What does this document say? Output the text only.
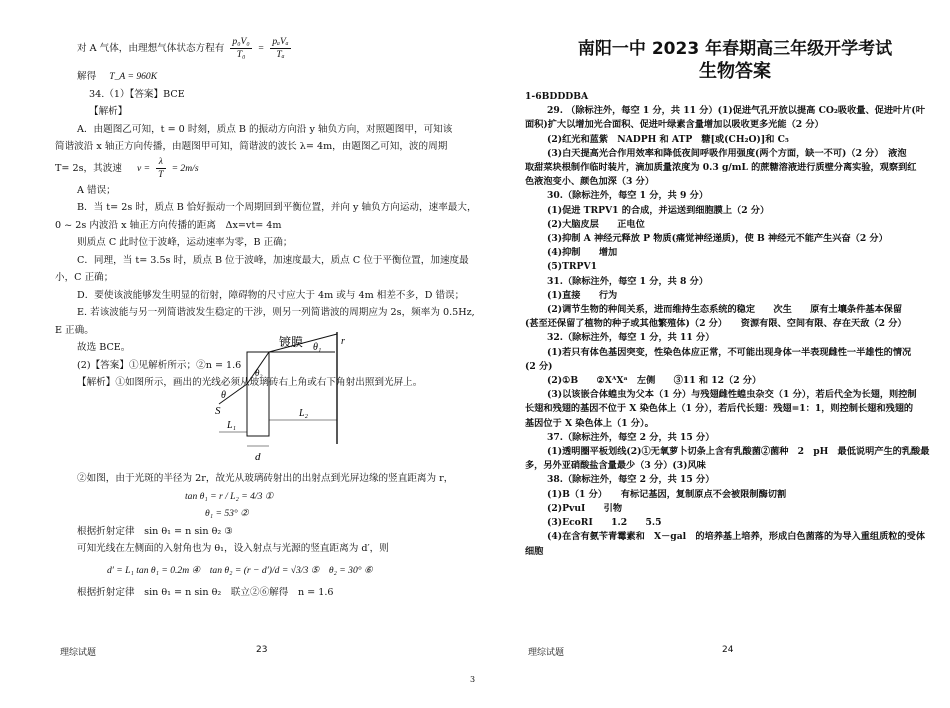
对 A 气体，由理想气体状态方程有 $\frac{\text{p₀V₀}}{\text{T₀}} = \frac{\text{pₐVₐ}}{\text{Tₐ}}$
解得 T_A = 960K
34.（1）【答案】BCE
【解析】
A．由题图乙可知，t = 0 时刻，质点 B 的振动方向沿 y 轴负方向，对照题图甲，可知该
简谐波沿 x 轴正方向传播，由题图甲可知，简谐波的波长 λ= 4m，由题图乙可知，波的周期
T= 2s，其波速 $v = \frac{\lambda}{T} = 2m/s$
A 错误；
B．当 t= 2s 时，质点 B 恰好振动一个周期回到平衡位置，并向 y 轴负方向运动，速率最大，
0 ~ 2s 内波沿 x 轴正方向传播的距离　Δx=vt= 4m
则质点 C 此时位于波峰，运动速率为零，B 正确；
C．同理，当 t= 3.5s 时，质点 B 位于波峰，加速度最大，质点 C 位于平衡位置，加速度最
小，C 正确；
D．要使该波能够发生明显的衍射，障碍物的尺寸应大于 4m 或与 4m 相差不多，D 错误；
E. 若该波能与另一列简谐波发生稳定的干涉，则另一列简谐波的周期应为 2s，频率为 0.5Hz,
E 正确。
故选 BCE。
(2)【答案】①见解析所示；②n = 1.6
【解析】①如图所示，画出的光线必须从玻璃砖右上角或右下角射出照到光屏上。
镀膜	r
θ₁
θ₂
θ
S
L₁
L₂
d
②如图，由于光斑的半径为 2r，故光从玻璃砖射出的出射点到光屏边缘的竖直距离为 r，
tan θ₁ = r / L₂ = 4/3 ①
θ₁ = 53° ②
根据折射定律　sin θ₁ = n sin θ₂ ③
可知光线在左侧面的入射角也为 θ₁，设入射点与光源的竖直距离为 d′，则
d′ = L₁ tan θ₁ = 0.2m ④　tan θ₂ = (r − d′)/d = √3/3 ⑤　θ₂ = 30° ⑥
根据折射定律　sin θ₁ = n sin θ₂　联立②⑥解得　n = 1.6
理综试题	23
南阳一中 2023 年春期高三年级开学考试
生物答案
1-6BDDDBA
29. （除标注外，每空 1 分，共 11 分）(1)促进气孔开放以提高 CO₂吸收量、促进叶片(叶
面积)扩大以增加光合面积、促进叶绿素含量增加以吸收更多光能（2 分）
(2)红光和蓝紫　NADPH 和 ATP　糖[或(CH₂O)]和 C₅
(3)白天提高光合作用效率和降低夜间呼吸作用强度(两个方面，缺一不可)（2 分）　液泡
取甜菜块根制作临时装片，滴加质量浓度为 0.3 g/mL 的蔗糖溶液进行质壁分离实验，观察到红
色液泡变小、颜色加深（3 分）
30.（除标注外，每空 1 分，共 9 分）
(1)促进 TRPV1 的合成，并运送到细胞膜上（2 分）
(2)大脑皮层　　正电位
(3)抑制 A 神经元释放 P 物质(痛觉神经递质)，使 B 神经元不能产生兴奋（2 分）
(4)抑制　　增加
(5)TRPV1
31.（除标注外，每空 1 分，共 8 分）
(1)直接　　行为
(2)调节生物的种间关系，进而维持生态系统的稳定　　次生　　原有土壤条件基本保留
(甚至还保留了植物的种子或其他繁殖体)（2 分）　　资源有限、空间有限、存在天敌（2 分）
32.（除标注外，每空 1 分，共 11 分）
(1)若只有体色基因突变，性染色体应正常，不可能出现身体一半表现雌性一半雄性的情况
(2 分)
(2)①B　　②XᴬXᵃ　左侧　　③11 和 12（2 分）
(3)以该嵌合体蝗虫为父本（1 分）与残翅雌性蝗虫杂交（1 分），若后代全为长翅，则控制
长翅和残翅的基因不位于 X 染色体上（1 分），若后代长翅：残翅=1：1，则控制长翅和残翅的
基因位于 X 染色体上（1 分）。
37.（除标注外，每空 2 分，共 15 分）
(1)透明圈平板划线(2)①无氧萝卜切条上含有乳酸菌②菌种　2　pH　最低说明产生的乳酸最
多，另外亚硝酸盐含量最少（3 分）(3)风味
38.（除标注外，每空 2 分，共 15 分）
(1)B（1 分）　　有标记基因，复制原点不会被限制酶切割
(2)PvuⅠ　　引物
(3)EcoRⅠ　　1.2　　5.5
(4)在含有氨苄青霉素和　X－gal　的培养基上培养，形成白色菌落的为导入重组质粒的受体
细胞
理综试题	24
3
